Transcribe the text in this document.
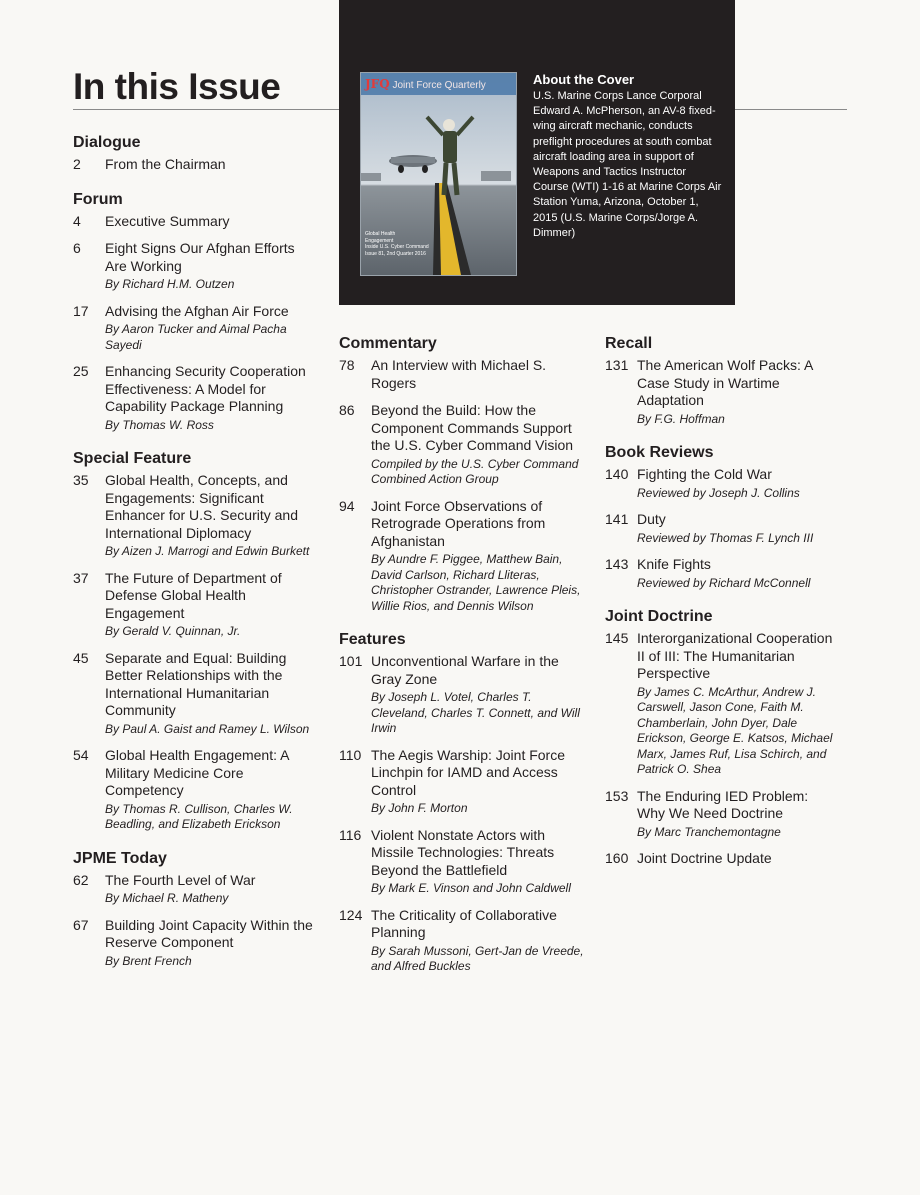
In this Issue	JFQ Joint Force Quarterly
Global Health
Engagement
Inside U.S. Cyber Command
Issue 81, 2nd Quarter 2016

About the Cover

U.S. Marine Corps Lance Corporal Edward A. McPherson, an AV-8 fixed-wing aircraft mechanic, conducts preflight procedures at south combat aircraft loading area in support of Weapons and Tactics Instructor Course (WTI) 1-16 at Marine Corps Air Station Yuma, Arizona, October 1, 2015 (U.S. Marine Corps/Jorge A. Dimmer)

Dialogue
2	From the Chairman
Forum
4	Executive Summary
6	Eight Signs Our Afghan Efforts Are Working
By Richard H.M. Outzen
17	Advising the Afghan Air Force
By Aaron Tucker and Aimal Pacha Sayedi
25	Enhancing Security Cooperation Effectiveness: A Model for Capability Package Planning
By Thomas W. Ross
Special Feature
35	Global Health, Concepts, and Engagements: Significant Enhancer for U.S. Security and International Diplomacy
By Aizen J. Marrogi and Edwin Burkett
37	The Future of Department of Defense Global Health Engagement
By Gerald V. Quinnan, Jr.
45	Separate and Equal: Building Better Relationships with the International Humanitarian Community
By Paul A. Gaist and Ramey L. Wilson
54	Global Health Engagement: A Military Medicine Core Competency
By Thomas R. Cullison, Charles W. Beadling, and Elizabeth Erickson
JPME Today
62	The Fourth Level of War
By Michael R. Matheny
67	Building Joint Capacity Within the Reserve Component
By Brent French
Commentary
78	An Interview with Michael S. Rogers
86	Beyond the Build: How the Component Commands Support the U.S. Cyber Command Vision
Compiled by the U.S. Cyber Command Combined Action Group
94	Joint Force Observations of Retrograde Operations from Afghanistan
By Aundre F. Piggee, Matthew Bain, David Carlson, Richard Lliteras, Christopher Ostrander, Lawrence Pleis, Willie Rios, and Dennis Wilson
Features
101 Unconventional Warfare in the Gray Zone
By Joseph L. Votel, Charles T. Cleveland, Charles T. Connett, and Will Irwin
110 The Aegis Warship: Joint Force Linchpin for IAMD and Access Control
By John F. Morton
116 Violent Nonstate Actors with Missile Technologies: Threats Beyond the Battlefield
By Mark E. Vinson and John Caldwell
124 The Criticality of Collaborative Planning
By Sarah Mussoni, Gert-Jan de Vreede, and Alfred Buckles
Recall
131 The American Wolf Packs: A Case Study in Wartime Adaptation
By F.G. Hoffman
Book Reviews
140 Fighting the Cold War
Reviewed by Joseph J. Collins
141 Duty
Reviewed by Thomas F. Lynch III
143 Knife Fights
Reviewed by Richard McConnell
Joint Doctrine
145 Interorganizational Cooperation II of III: The Humanitarian Perspective
By James C. McArthur, Andrew J. Carswell, Jason Cone, Faith M. Chamberlain, John Dyer, Dale Erickson, George E. Katsos, Michael Marx, James Ruf, Lisa Schirch, and Patrick O. Shea
153 The Enduring IED Problem: Why We Need Doctrine
By Marc Tranchemontagne
160 Joint Doctrine Update
